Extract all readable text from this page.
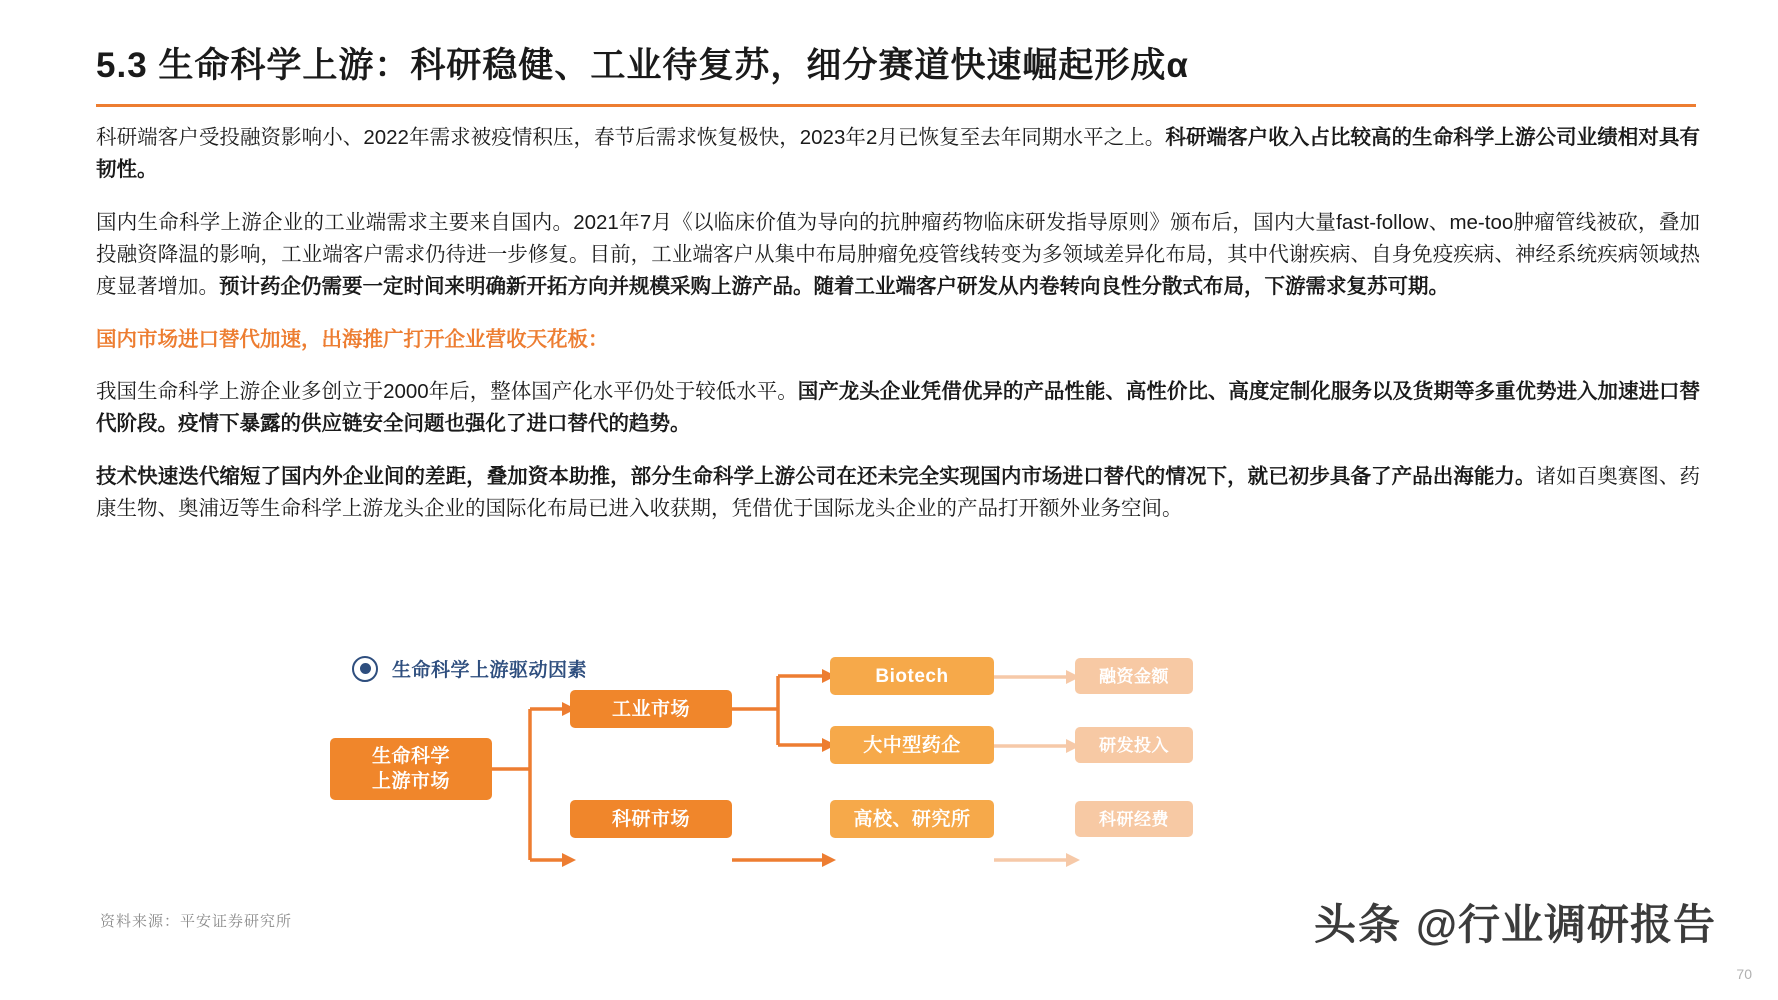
5.3 生命科学上游：科研稳健、工业待复苏，细分赛道快速崛起形成α

科研端客户受投融资影响小、2022年需求被疫情积压，春节后需求恢复极快，2023年2月已恢复至去年同期水平之上。科研端客户收入占比较高的生命科学上游公司业绩相对具有韧性。

国内生命科学上游企业的工业端需求主要来自国内。2021年7月《以临床价值为导向的抗肿瘤药物临床研发指导原则》颁布后，国内大量fast-follow、me-too肿瘤管线被砍，叠加投融资降温的影响，工业端客户需求仍待进一步修复。目前，工业端客户从集中布局肿瘤免疫管线转变为多领域差异化布局，其中代谢疾病、自身免疫疾病、神经系统疾病领域热度显著增加。预计药企仍需要一定时间来明确新开拓方向并规模采购上游产品。随着工业端客户研发从内卷转向良性分散式布局，下游需求复苏可期。

国内市场进口替代加速，出海推广打开企业营收天花板：

我国生命科学上游企业多创立于2000年后，整体国产化水平仍处于较低水平。国产龙头企业凭借优异的产品性能、高性价比、高度定制化服务以及货期等多重优势进入加速进口替代阶段。疫情下暴露的供应链安全问题也强化了进口替代的趋势。

技术快速迭代缩短了国内外企业间的差距，叠加资本助推，部分生命科学上游公司在还未完全实现国内市场进口替代的情况下，就已初步具备了产品出海能力。诸如百奥赛图、药康生物、奥浦迈等生命科学上游龙头企业的国际化布局已进入收获期，凭借优于国际龙头企业的产品打开额外业务空间。

生命科学上游驱动因素
生命科学
上游市场
工业市场
科研市场
Biotech
大中型药企
高校、研究所
融资金额
研发投入
科研经费
资料来源：平安证券研究所	头条 @行业调研报告
70
